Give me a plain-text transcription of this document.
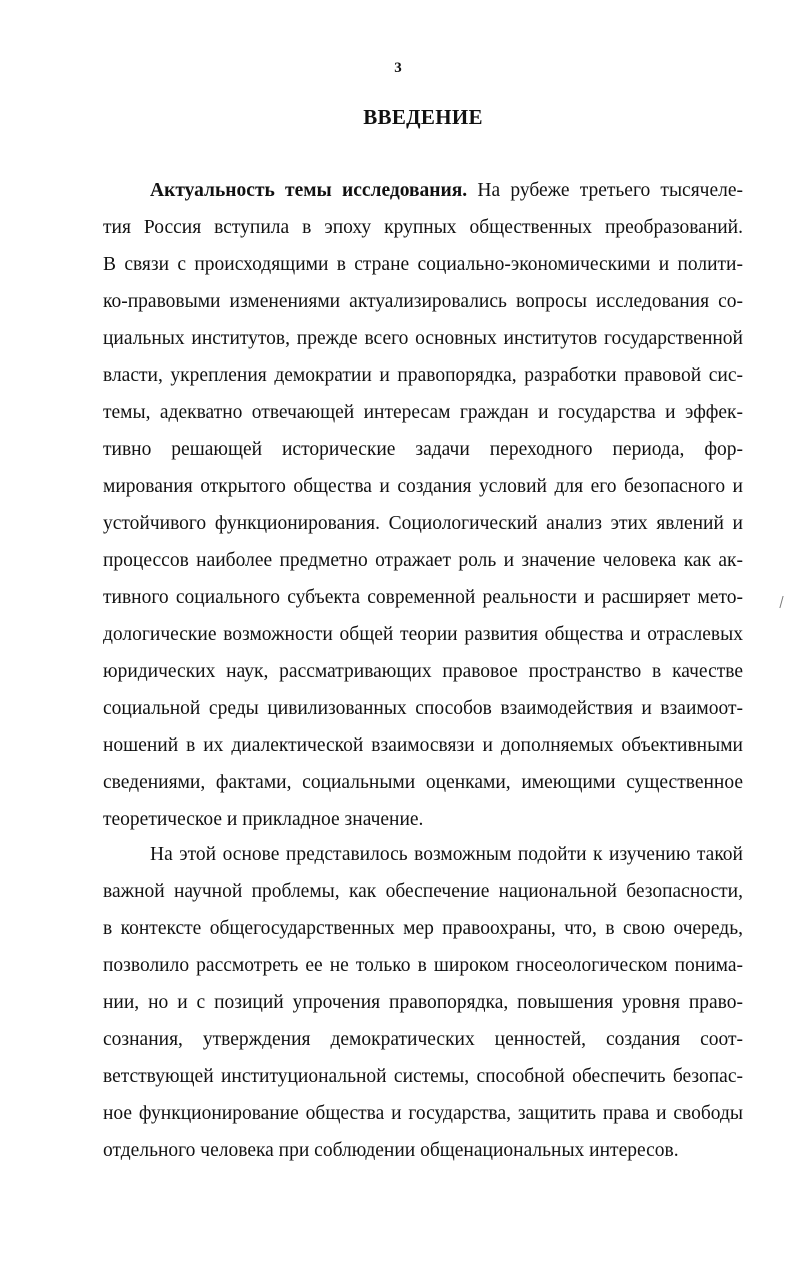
3
ВВЕДЕНИЕ
Актуальность темы исследования. На рубеже третьего тысячеле-
тия Россия вступила в эпоху крупных общественных преобразований.
В связи с происходящими в стране социально-экономическими и полити-
ко-правовыми изменениями актуализировались вопросы исследования со-
циальных институтов, прежде всего основных институтов государственной
власти, укрепления демократии и правопорядка, разработки правовой сис-
темы, адекватно отвечающей интересам граждан и государства и эффек-
тивно решающей исторические задачи переходного периода, фор-
мирования открытого общества и создания условий для его безопасного и
устойчивого функционирования. Социологический анализ этих явлений и
процессов наиболее предметно отражает роль и значение человека как ак-
тивного социального субъекта современной реальности и расширяет мето-
дологические возможности общей теории развития общества и отраслевых
юридических наук, рассматривающих правовое пространство в качестве
социальной среды цивилизованных способов взаимодействия и взаимоот-
ношений в их диалектической взаимосвязи и дополняемых объективными
сведениями, фактами, социальными оценками, имеющими существенное
теоретическое и прикладное значение.
На этой основе представилось возможным подойти к изучению такой
важной научной проблемы, как обеспечение национальной безопасности,
в контексте общегосударственных мер правоохраны, что, в свою очередь,
позволило рассмотреть ее не только в широком гносеологическом понима-
нии, но и с позиций упрочения правопорядка, повышения уровня право-
сознания, утверждения демократических ценностей, создания соот-
ветствующей институциональной системы, способной обеспечить безопас-
ное функционирование общества и государства, защитить права и свободы
отдельного человека при соблюдении общенациональных интересов.
